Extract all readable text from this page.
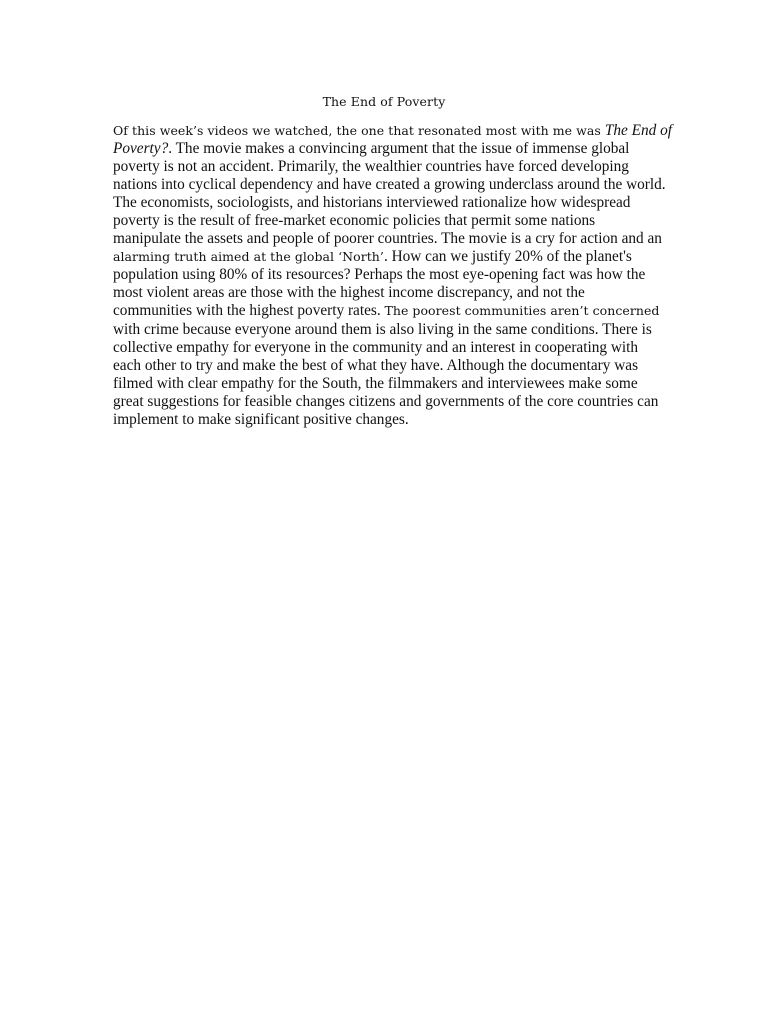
The End of Poverty
Of this week’s videos we watched, the one that resonated most with me was The End of
Poverty?. The movie makes a convincing argument that the issue of immense global
poverty is not an accident. Primarily, the wealthier countries have forced developing
nations into cyclical dependency and have created a growing underclass around the world.
The economists, sociologists, and historians interviewed rationalize how widespread
poverty is the result of free-market economic policies that permit some nations
manipulate the assets and people of poorer countries. The movie is a cry for action and an
alarming truth aimed at the global ‘North’. How can we justify 20% of the planet's
population using 80% of its resources? Perhaps the most eye-opening fact was how the
most violent areas are those with the highest income discrepancy, and not the
communities with the highest poverty rates. The poorest communities aren’t concerned
with crime because everyone around them is also living in the same conditions. There is
collective empathy for everyone in the community and an interest in cooperating with
each other to try and make the best of what they have. Although the documentary was
filmed with clear empathy for the South, the filmmakers and interviewees make some
great suggestions for feasible changes citizens and governments of the core countries can
implement to make significant positive changes.
